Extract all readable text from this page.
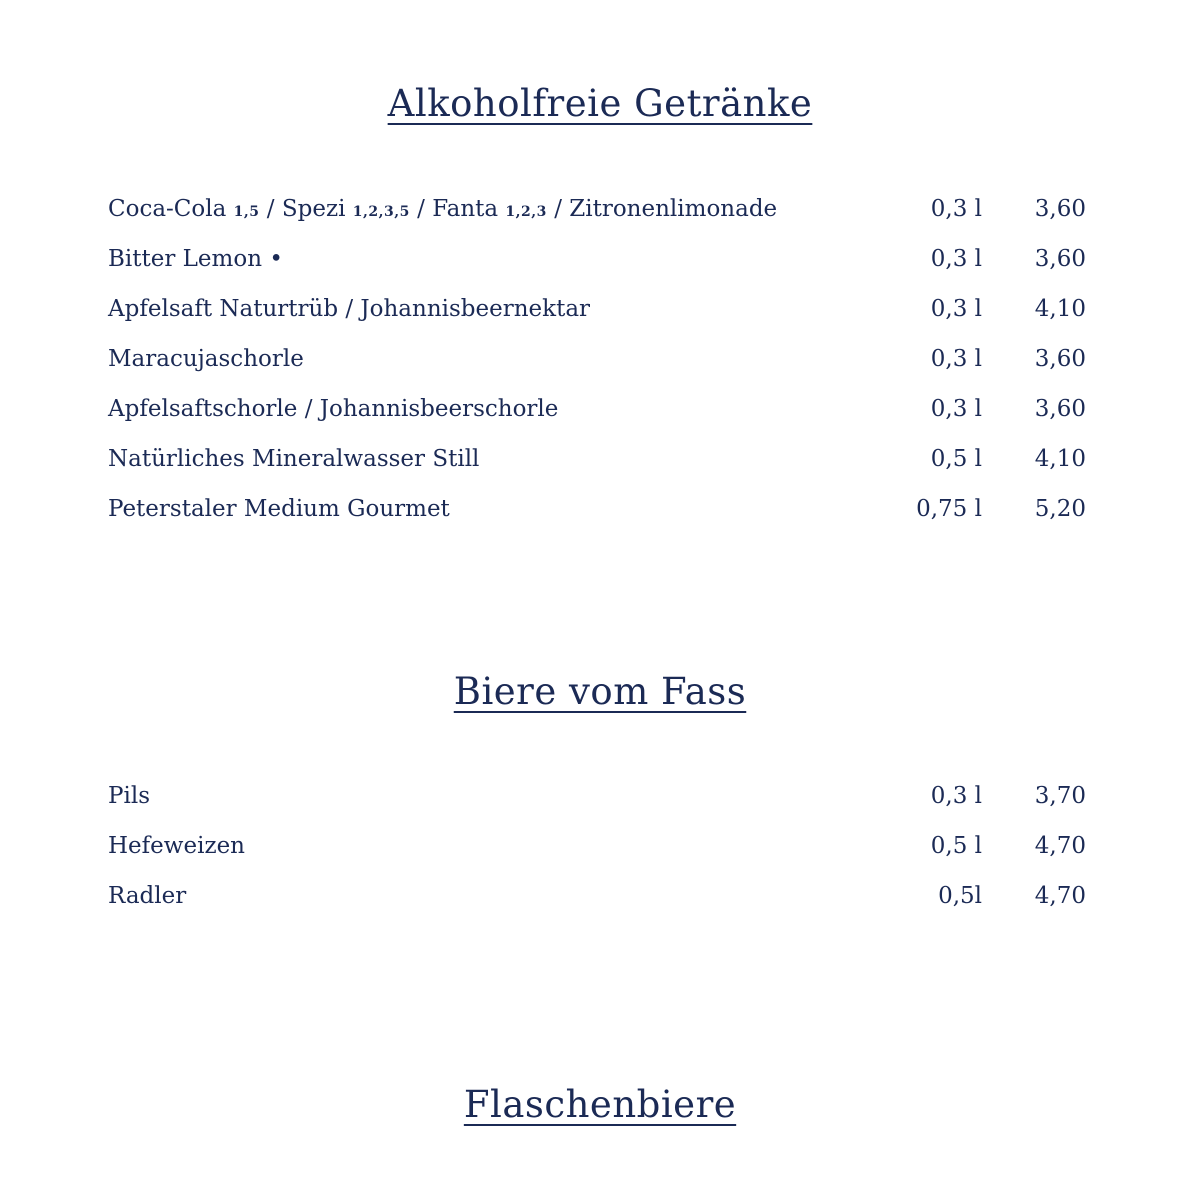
Alkoholfreie Getränke
Coca-Cola 1,5 / Spezi 1,2,3,5 / Fanta 1,2,3 / Zitronenlimonade	0,3 l 3,60
Bitter Lemon •	0,3 l 3,60
Apfelsaft Naturtrüb / Johannisbeernektar	0,3 l 4,10
Maracujaschorle	0,3 l 3,60
Apfelsaftschorle / Johannisbeerschorle	0,3 l 3,60
Natürliches Mineralwasser Still	0,5 l 4,10
Peterstaler Medium Gourmet	0,75 l 5,20
Biere vom Fass
Pils	0,3 l 3,70
Hefeweizen	0,5 l 4,70
Radler	0,5l 4,70
Flaschenbiere
